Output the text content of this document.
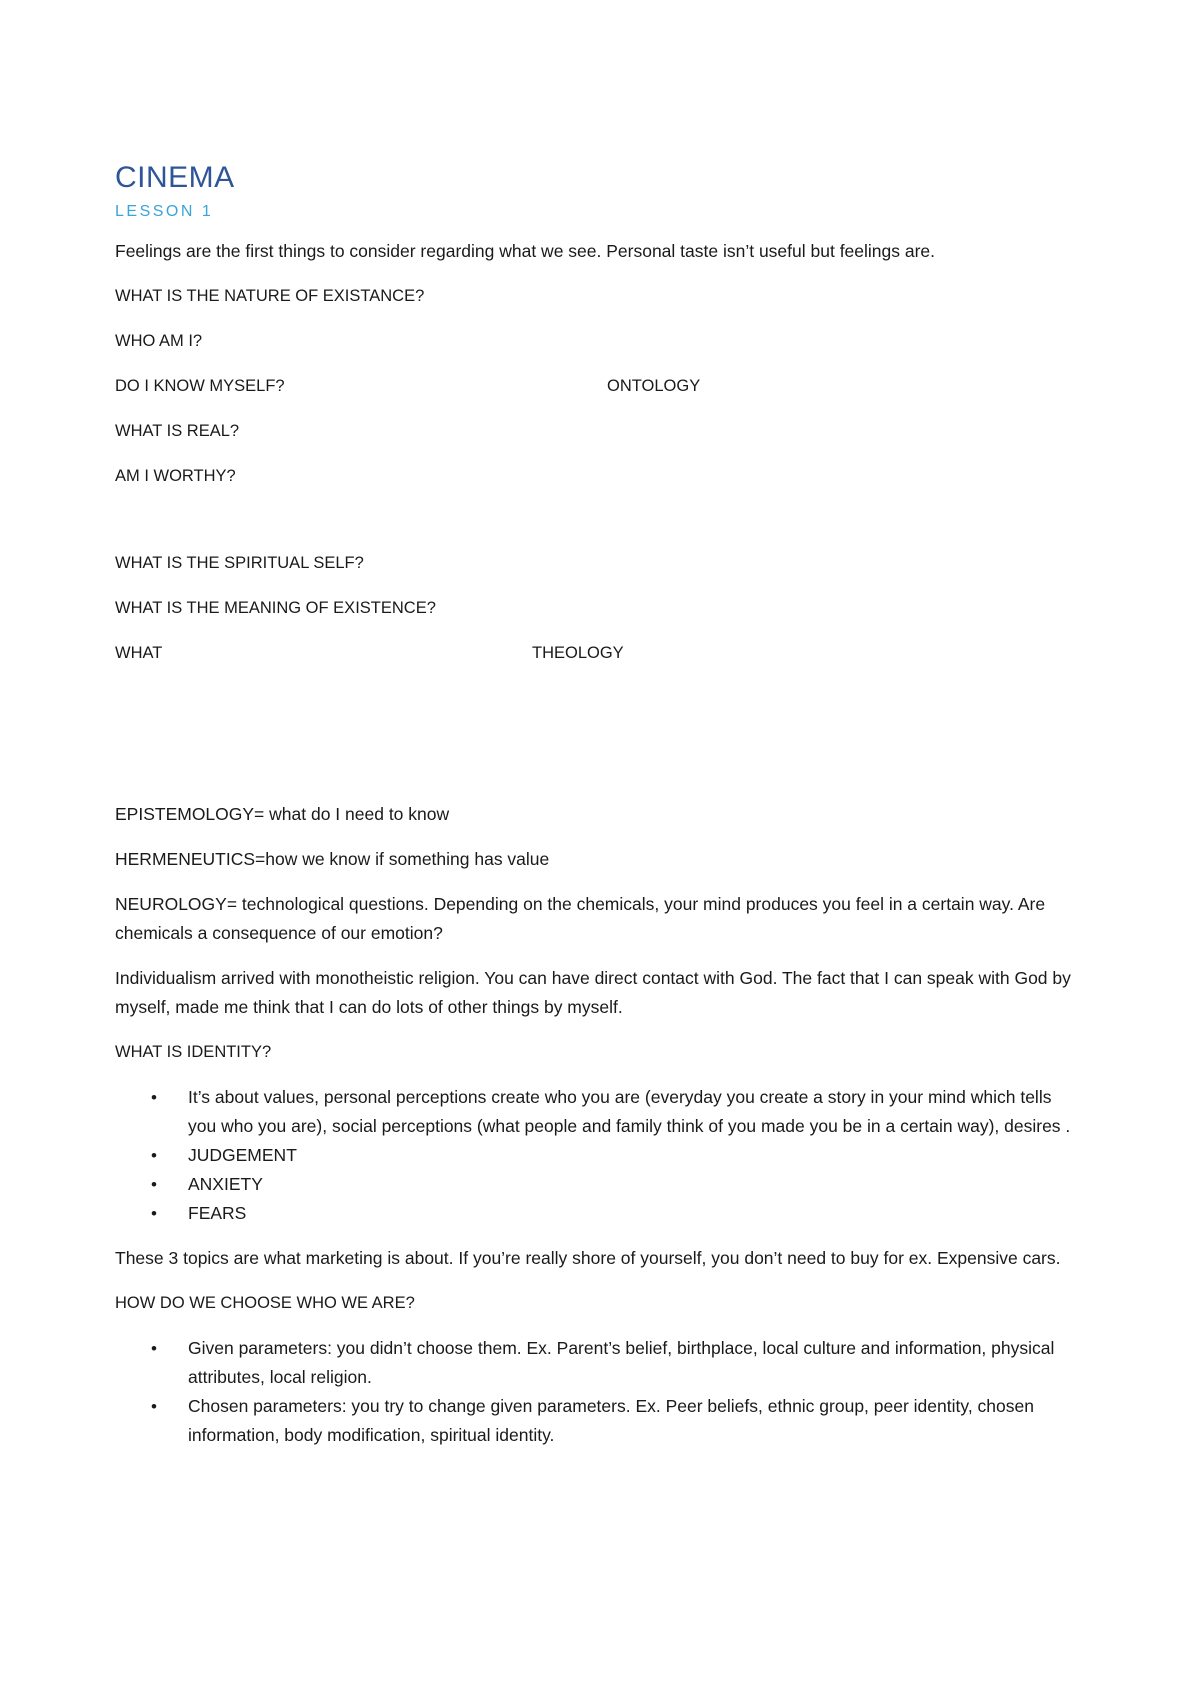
CINEMA
LESSON 1

Feelings are the first things to consider regarding what we see. Personal taste isn’t useful but feelings are.

WHAT IS THE NATURE OF EXISTANCE?

WHO AM I?

DO I KNOW MYSELF?	ONTOLOGY

WHAT IS REAL?

AM I WORTHY?

WHAT IS THE SPIRITUAL SELF?

WHAT IS THE MEANING OF EXISTENCE?

WHAT	THEOLOGY

EPISTEMOLOGY= what do I need to know

HERMENEUTICS=how we know if something has value

NEUROLOGY= technological questions. Depending on the chemicals, your mind produces you feel in a certain way. Are chemicals a consequence of our emotion?

Individualism arrived with monotheistic religion. You can have direct contact with God. The fact that I can speak with God by myself, made me think that I can do lots of other things by myself.

WHAT IS IDENTITY?

• It’s about values, personal perceptions create who you are (everyday you create a story in your mind which tells you who you are), social perceptions (what people and family think of you made you be in a certain way), desires .
• JUDGEMENT
• ANXIETY
• FEARS

These 3 topics are what marketing is about. If you’re really shore of yourself, you don’t need to buy for ex. Expensive cars.

HOW DO WE CHOOSE WHO WE ARE?

• Given parameters: you didn’t choose them. Ex. Parent’s belief, birthplace, local culture and information, physical attributes, local religion.
• Chosen parameters: you try to change given parameters. Ex. Peer beliefs, ethnic group, peer identity, chosen information, body modification, spiritual identity.
